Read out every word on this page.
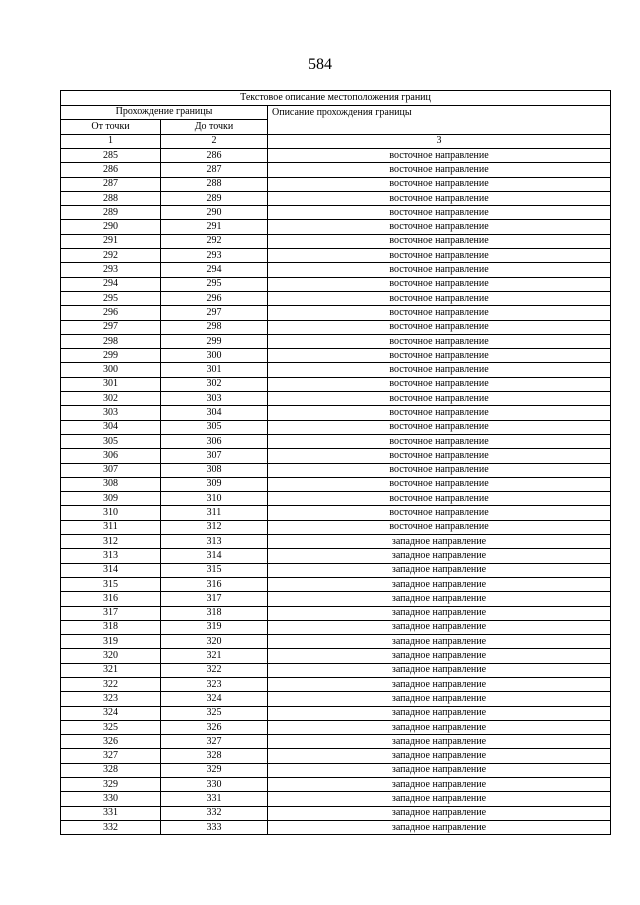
584
Текстовое описание местоположения границ		
Прохождение границы		Описание прохождения границы
От точки	До точки	
1	2	3
285	286	восточное направление
286	287	восточное направление
287	288	восточное направление
288	289	восточное направление
289	290	восточное направление
290	291	восточное направление
291	292	восточное направление
292	293	восточное направление
293	294	восточное направление
294	295	восточное направление
295	296	восточное направление
296	297	восточное направление
297	298	восточное направление
298	299	восточное направление
299	300	восточное направление
300	301	восточное направление
301	302	восточное направление
302	303	восточное направление
303	304	восточное направление
304	305	восточное направление
305	306	восточное направление
306	307	восточное направление
307	308	восточное направление
308	309	восточное направление
309	310	восточное направление
310	311	восточное направление
311	312	восточное направление
312	313	западное направление
313	314	западное направление
314	315	западное направление
315	316	западное направление
316	317	западное направление
317	318	западное направление
318	319	западное направление
319	320	западное направление
320	321	западное направление
321	322	западное направление
322	323	западное направление
323	324	западное направление
324	325	западное направление
325	326	западное направление
326	327	западное направление
327	328	западное направление
328	329	западное направление
329	330	западное направление
330	331	западное направление
331	332	западное направление
332	333	западное направление
